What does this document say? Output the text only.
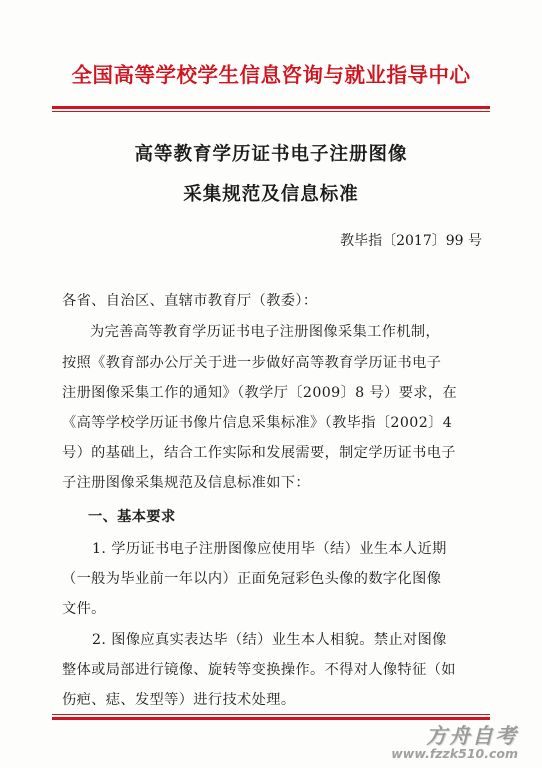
全国高等学校学生信息咨询与就业指导中心
高等教育学历证书电子注册图像
采集规范及信息标准
教毕指〔2017〕99 号
各省、自治区、直辖市教育厅（教委）：
为完善高等教育学历证书电子注册图像采集工作机制，
按照《教育部办公厅关于进一步做好高等教育学历证书电子
注册图像采集工作的通知》（教学厅〔2009〕8 号）要求，在
《高等学校学历证书像片信息采集标准》（教毕指〔2002〕4
号）的基础上，结合工作实际和发展需要，制定学历证书电子
子注册图像采集规范及信息标准如下：
一、基本要求
1. 学历证书电子注册图像应使用毕（结）业生本人近期
（一般为毕业前一年以内）正面免冠彩色头像的数字化图像
文件。
2. 图像应真实表达毕（结）业生本人相貌。禁止对图像
整体或局部进行镜像、旋转等变换操作。不得对人像特征（如
伤疤、痣、发型等）进行技术处理。
方舟自考
www.fzzk510.com
